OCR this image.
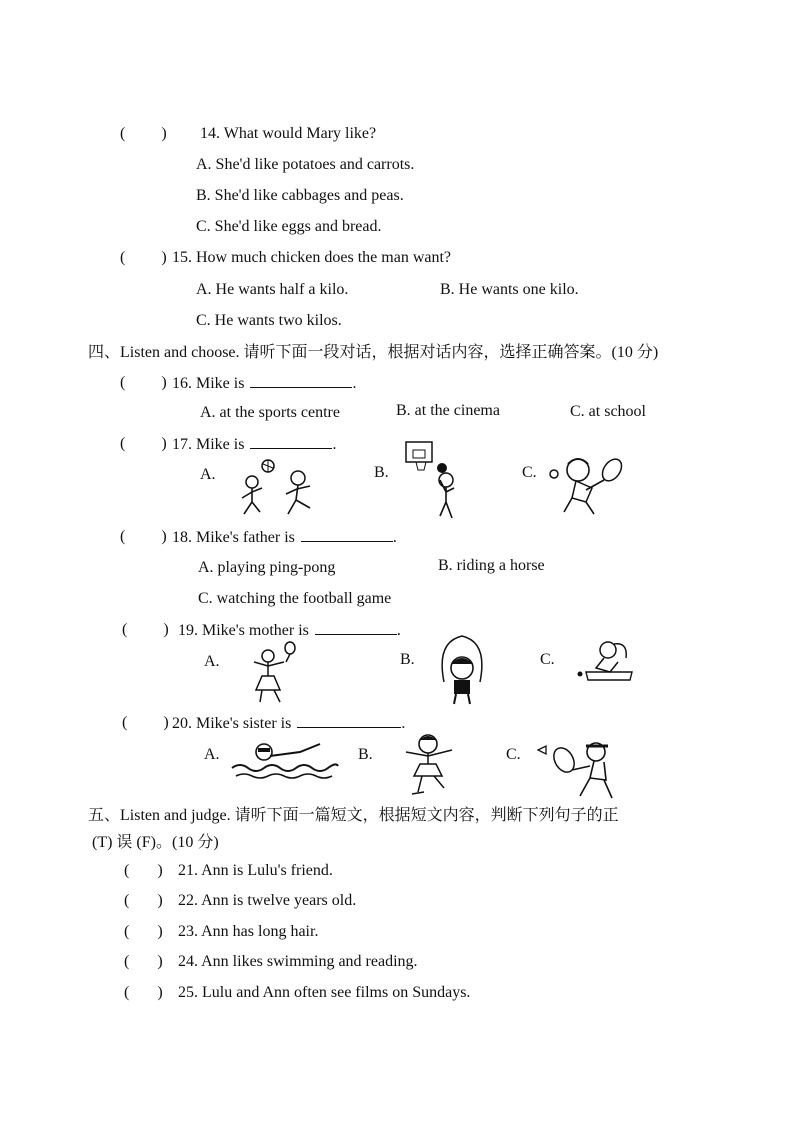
( ) 14. What would Mary like?
A. She'd like potatoes and carrots.
B. She'd like cabbages and peas.
C. She'd like eggs and bread.
( ) 15. How much chicken does the man want?
A. He wants half a kilo.	B. He wants one kilo.
C. He wants two kilos.
四、Listen and choose. 请听下面一段对话，根据对话内容，选择正确答案。(10 分)
( ) 16. Mike is	.
A. at the sports centre	B. at the cinema	C. at school
( ) 17. Mike is	.
A.	B.	C.
( ) 18. Mike's father is	.
A. playing ping-pong	B. riding a horse
C. watching the football game
( ) 19. Mike's mother is	.
A.	B.	C.
( ) 20. Mike's sister is	.
A.	B.	C.
五、Listen and judge. 请听下面一篇短文，根据短文内容，判断下列句子的正
(T) 误 (F)。(10 分)
( ) 21. Ann is Lulu's friend.
( ) 22. Ann is twelve years old.
( ) 23. Ann has long hair.
( ) 24. Ann likes swimming and reading.
( ) 25. Lulu and Ann often see films on Sundays.
